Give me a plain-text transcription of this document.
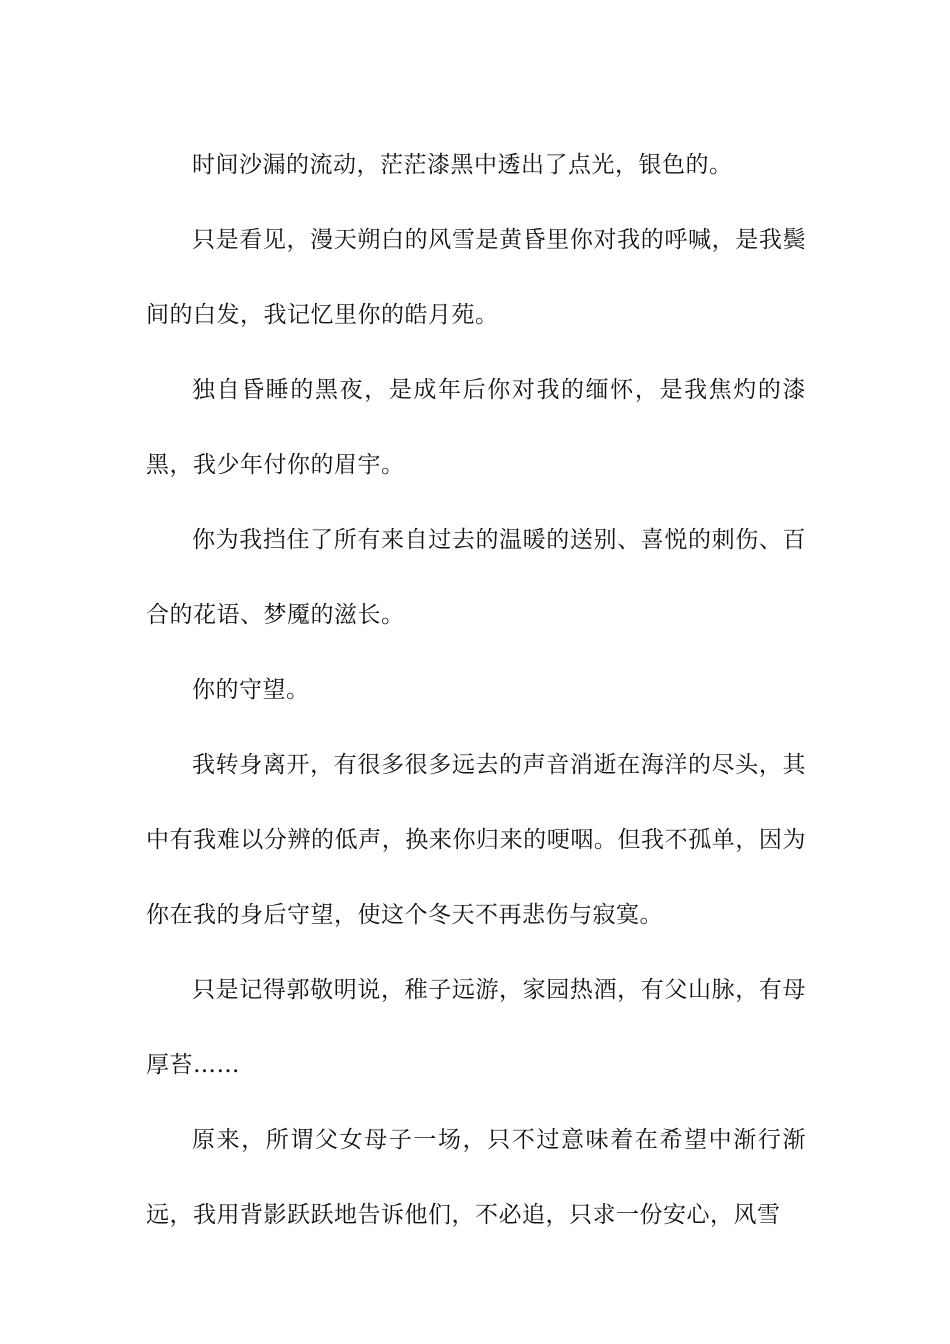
时间沙漏的流动，茫茫漆黑中透出了点光，银色的。

只是看见，漫天朔白的风雪是黄昏里你对我的呼喊，是我鬓间的白发，我记忆里你的皓月苑。

独自昏睡的黑夜，是成年后你对我的缅怀，是我焦灼的漆黑，我少年付你的眉宇。

你为我挡住了所有来自过去的温暖的送别、喜悦的刺伤、百合的花语、梦魇的滋长。

你的守望。

我转身离开，有很多很多远去的声音消逝在海洋的尽头，其中有我难以分辨的低声，换来你归来的哽咽。但我不孤单，因为你在我的身后守望，使这个冬天不再悲伤与寂寞。

只是记得郭敬明说，稚子远游，家园热酒，有父山脉，有母厚苔……

原来，所谓父女母子一场，只不过意味着在希望中渐行渐远，我用背影跃跃地告诉他们，不必追，只求一份安心，风雪
